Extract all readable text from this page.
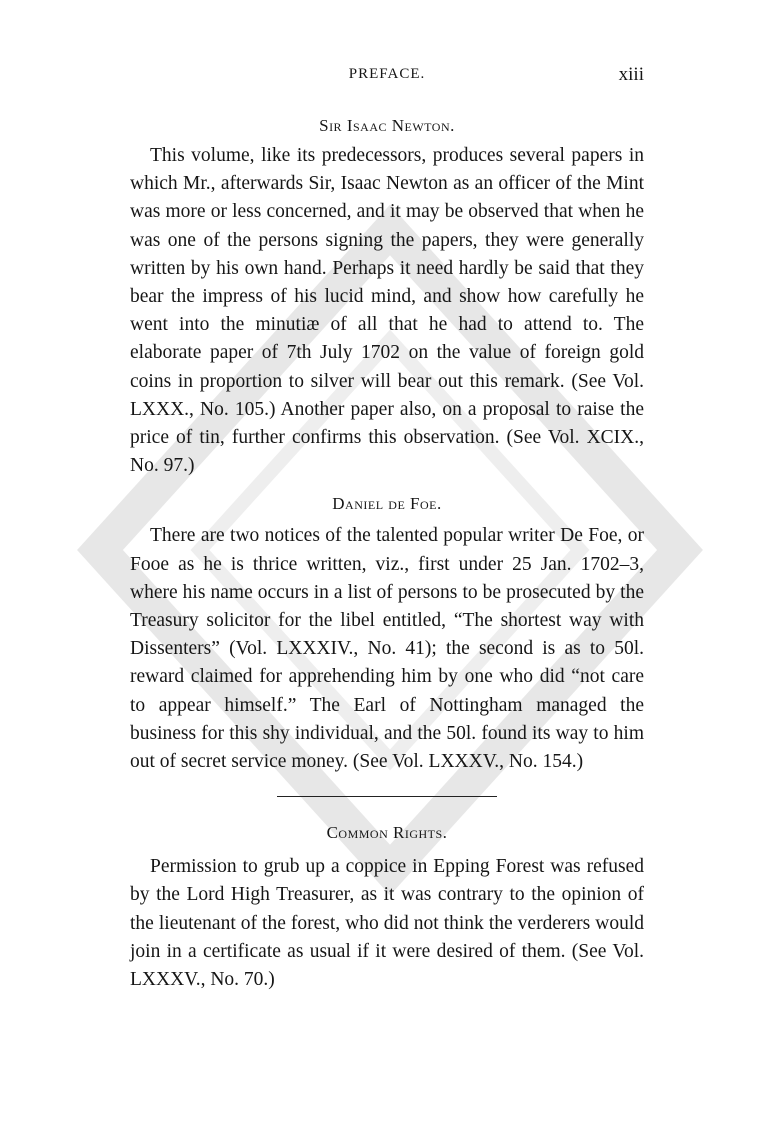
PREFACE.	xiii
Sir Isaac Newton.

This volume, like its predecessors, produces several papers in which Mr., afterwards Sir, Isaac Newton as an officer of the Mint was more or less concerned, and it may be observed that when he was one of the persons signing the papers, they were generally written by his own hand. Perhaps it need hardly be said that they bear the impress of his lucid mind, and show how carefully he went into the minutiæ of all that he had to attend to. The elaborate paper of 7th July 1702 on the value of foreign gold coins in proportion to silver will bear out this remark. (See Vol. LXXX., No. 105.) Another paper also, on a proposal to raise the price of tin, further confirms this observation. (See Vol. XCIX., No. 97.)

Daniel de Foe.

There are two notices of the talented popular writer De Foe, or Fooe as he is thrice written, viz., first under 25 Jan. 1702–3, where his name occurs in a list of persons to be prosecuted by the Treasury solicitor for the libel entitled, “The shortest way with Dissenters” (Vol. LXXXIV., No. 41); the second is as to 50l. reward claimed for apprehending him by one who did “not care to appear himself.” The Earl of Nottingham managed the business for this shy individual, and the 50l. found its way to him out of secret service money. (See Vol. LXXXV., No. 154.)

Common Rights.

Permission to grub up a coppice in Epping Forest was refused by the Lord High Treasurer, as it was contrary to the opinion of the lieutenant of the forest, who did not think the verderers would join in a certificate as usual if it were desired of them. (See Vol. LXXXV., No. 70.)
